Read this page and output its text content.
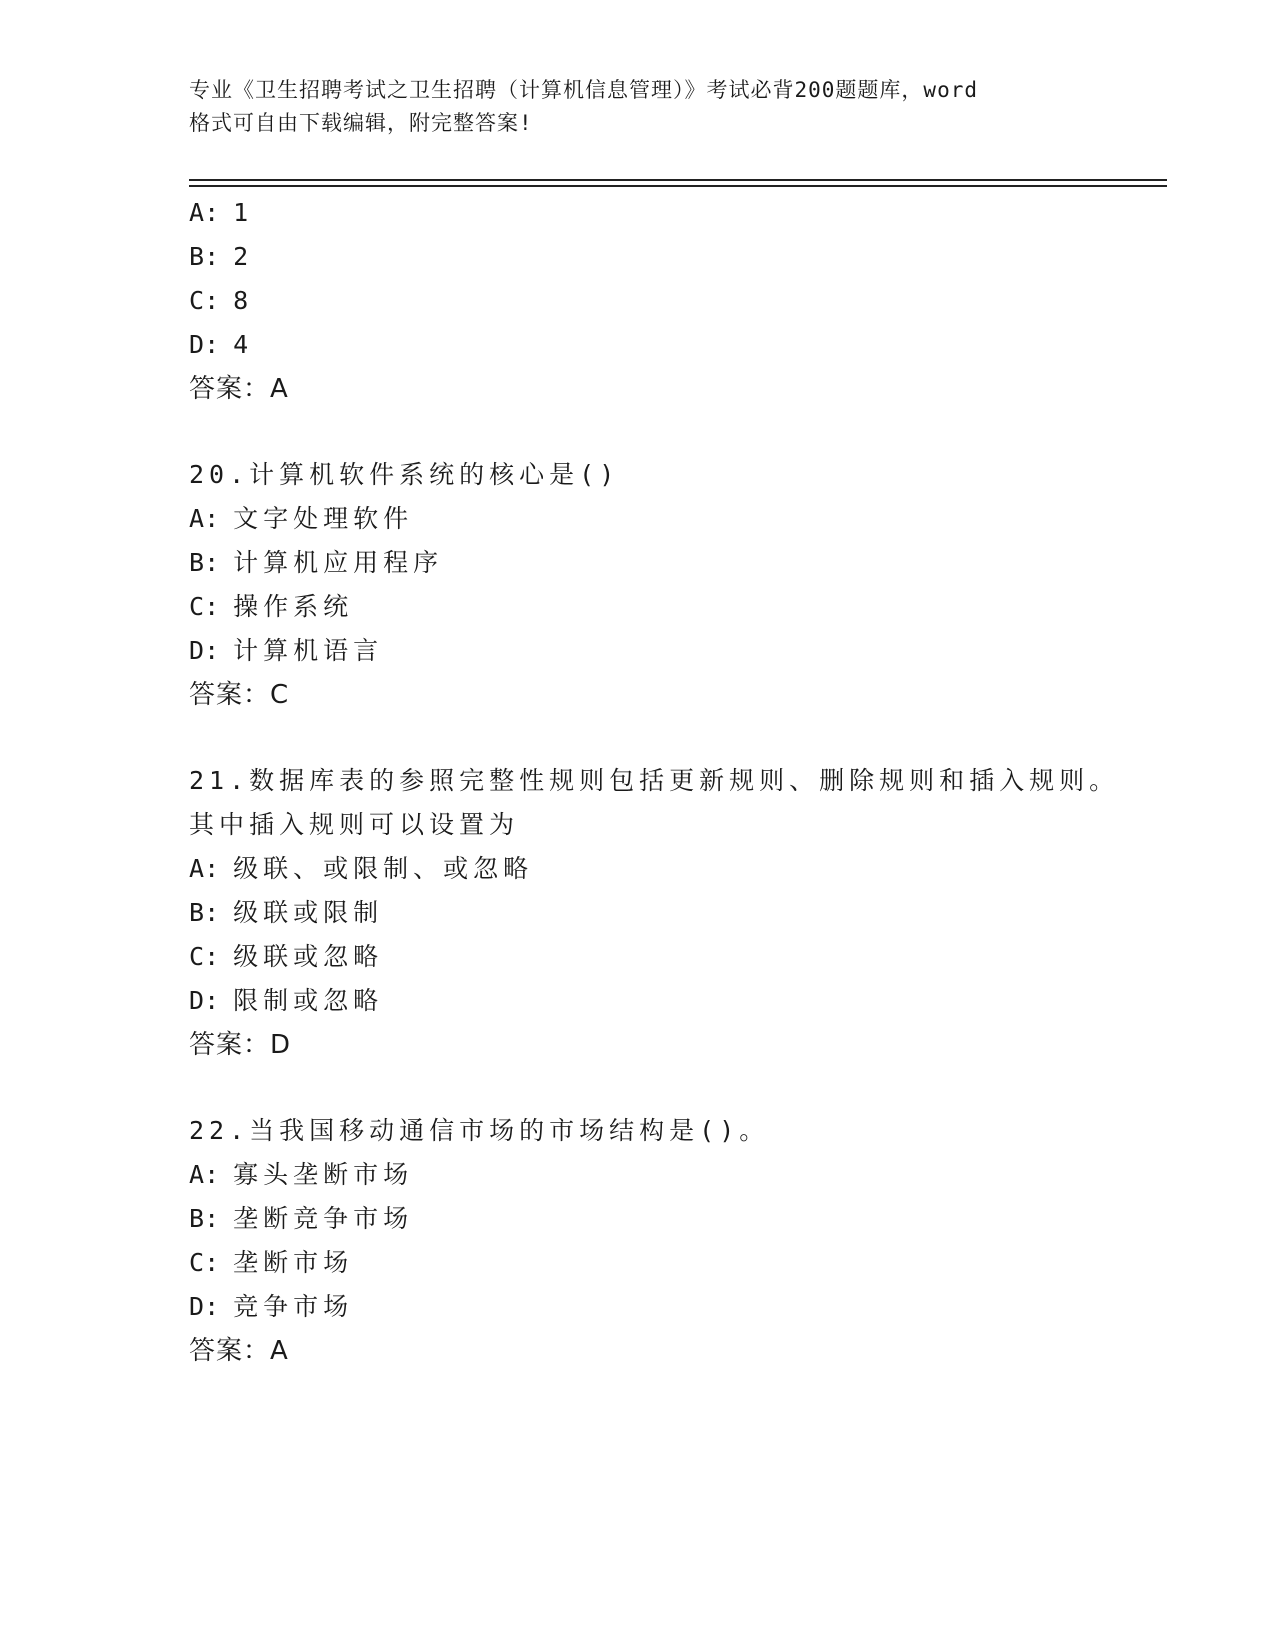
专业《卫生招聘考试之卫生招聘（计算机信息管理）》考试必背200题题库，word
格式可自由下载编辑，附完整答案!
A: 1
B: 2
C: 8
D: 4
答案：A
20.计算机软件系统的核心是()
A: 文字处理软件
B: 计算机应用程序
C: 操作系统
D: 计算机语言
答案：C
21.数据库表的参照完整性规则包括更新规则、删除规则和插入规则。
其中插入规则可以设置为
A: 级联、或限制、或忽略
B: 级联或限制
C: 级联或忽略
D: 限制或忽略
答案：D
22.当我国移动通信市场的市场结构是()。
A: 寡头垄断市场
B: 垄断竞争市场
C: 垄断市场
D: 竞争市场
答案：A
